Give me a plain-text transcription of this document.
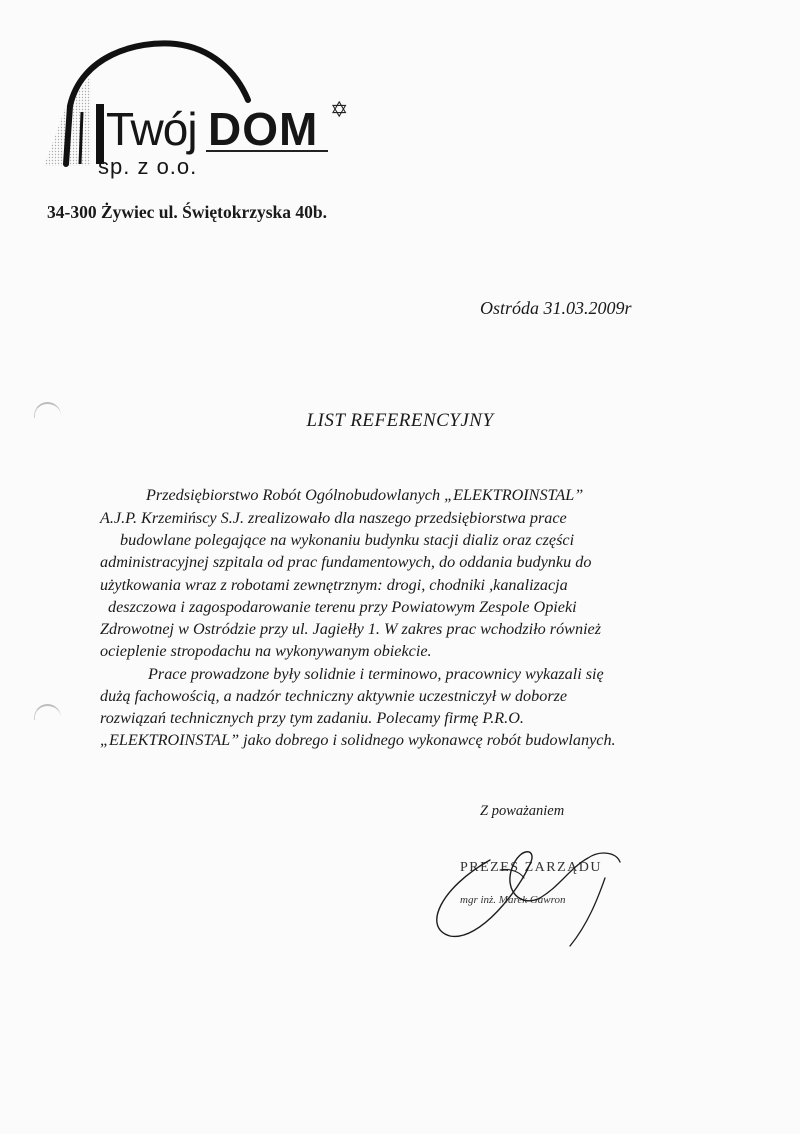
Twój DOM ✡
sp. z o.o.
34-300 Żywiec ul. Świętokrzyska 40b.
Ostróda 31.03.2009r
LIST REFERENCYJNY
Przedsiębiorstwo Robót Ogólnobudowlanych „ELEKTROINSTAL”
A.J.P. Krzemińscy S.J. zrealizowało dla naszego przedsiębiorstwa prace
budowlane polegające na wykonaniu budynku stacji dializ oraz części
administracyjnej szpitala od prac fundamentowych, do oddania budynku do
użytkowania wraz z robotami zewnętrznym: drogi, chodniki ,kanalizacja
deszczowa i zagospodarowanie terenu przy Powiatowym Zespole Opieki
Zdrowotnej w Ostródzie przy ul. Jagiełły 1. W zakres prac wchodziło również
ocieplenie stropodachu na wykonywanym obiekcie.
Prace prowadzone były solidnie i terminowo, pracownicy wykazali się
dużą fachowością, a nadzór techniczny aktywnie uczestniczył w doborze
rozwiązań technicznych przy tym zadaniu. Polecamy firmę P.R.O.
„ELEKTROINSTAL” jako dobrego i solidnego wykonawcę robót budowlanych.
Z poważaniem
PREZES ZARZĄDU
mgr inż. Marek Gawron
